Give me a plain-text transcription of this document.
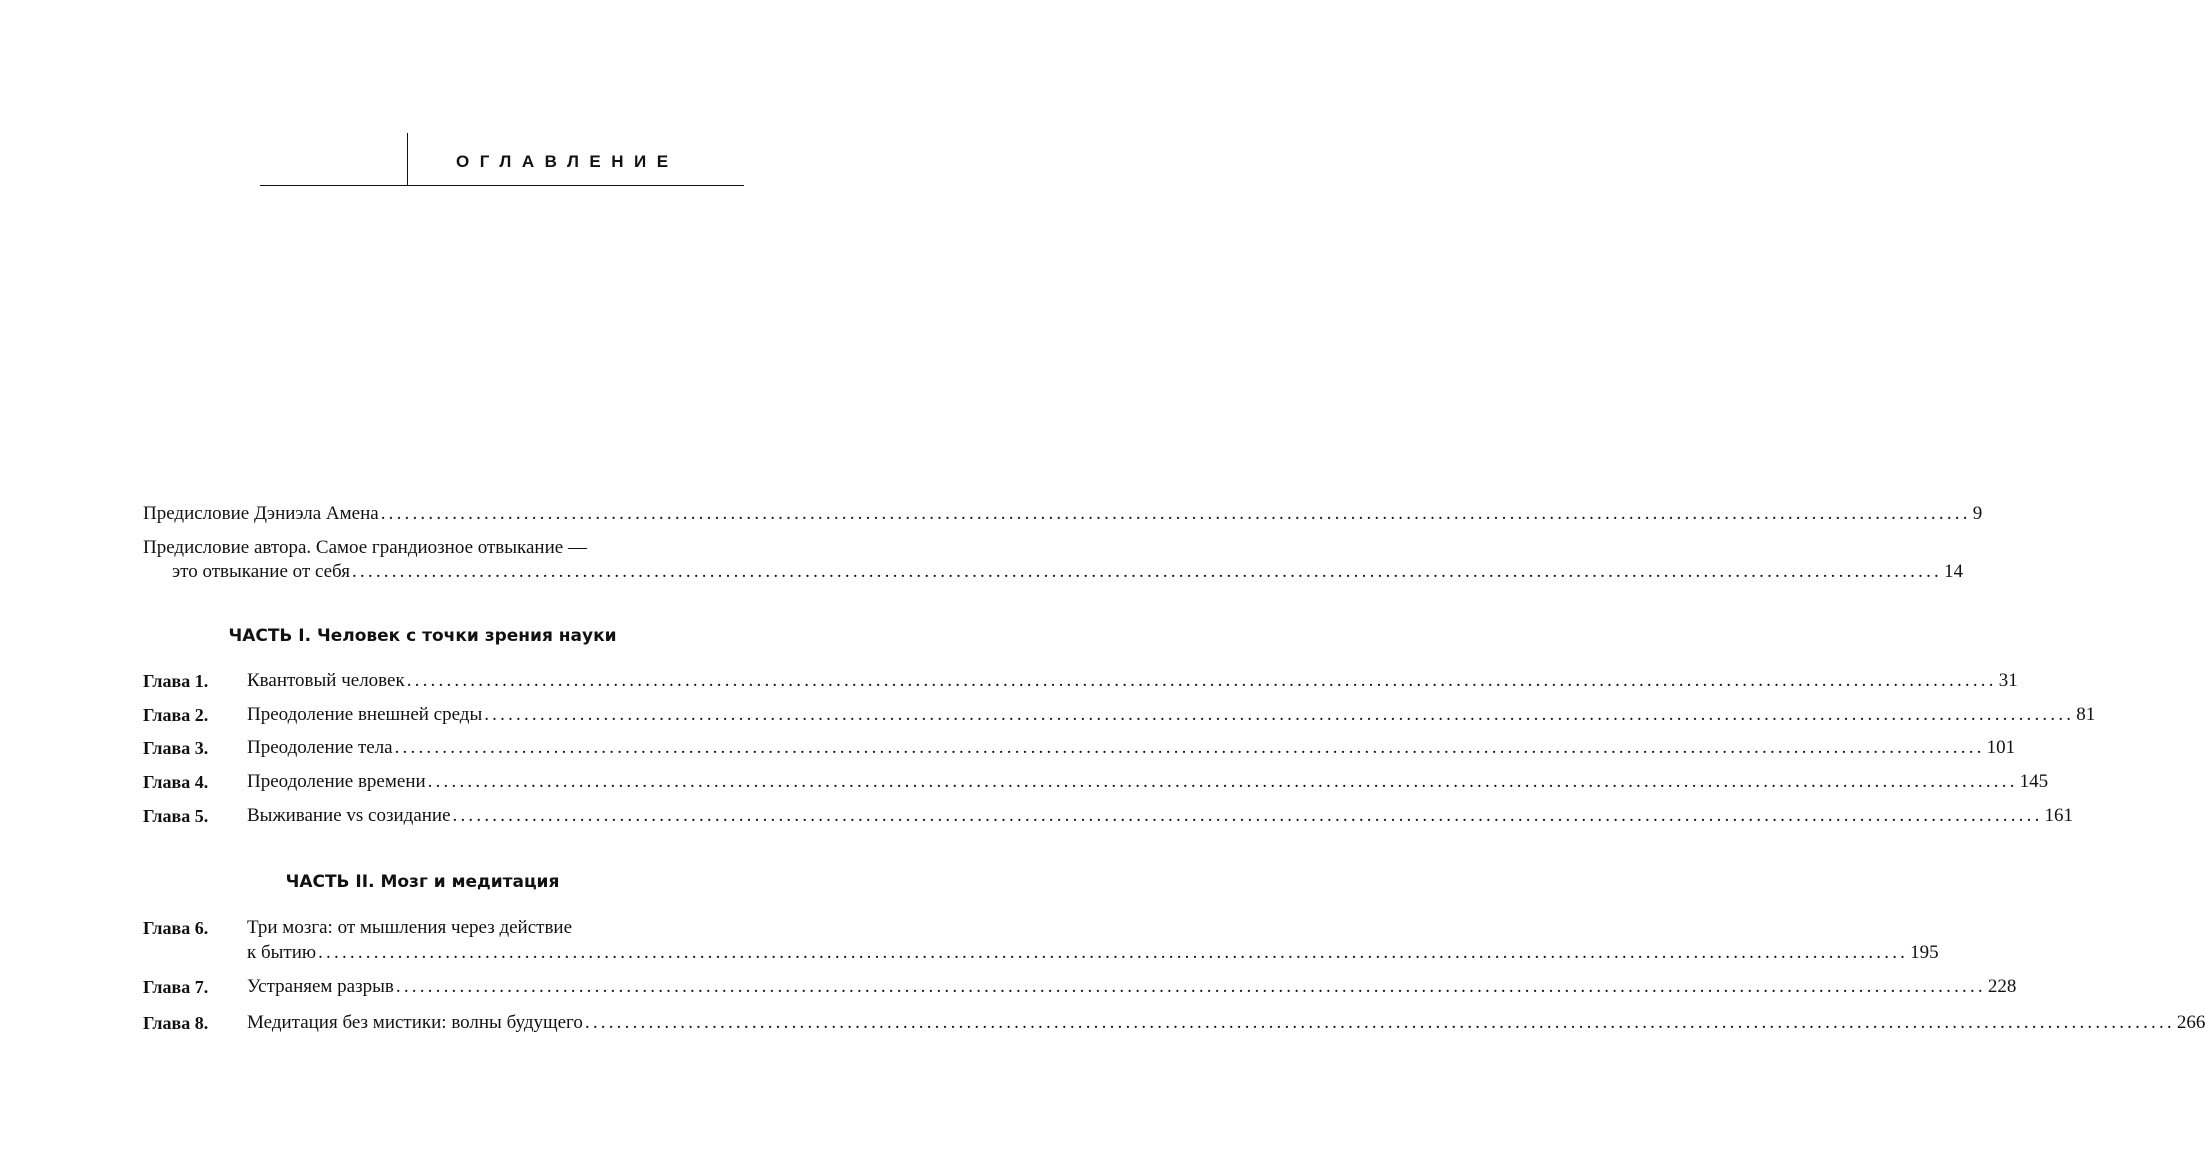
ОГЛАВЛЕНИЕ
Предисловие Дэниэла Амена ........................................................................................................................................................................................................ 9
Предисловие автора. Самое грандиозное отвыкание —
это отвыкание от себя ........................................................................................................................................................................................................ 14
ЧАСТЬ I. Человек с точки зрения науки
Глава 1. Квантовый человек ........................................................................................................................................................................................................ 31
Глава 2. Преодоление внешней среды ........................................................................................................................................................................................................ 81
Глава 3. Преодоление тела ........................................................................................................................................................................................................ 101
Глава 4. Преодоление времени ........................................................................................................................................................................................................ 145
Глава 5. Выживание vs созидание ........................................................................................................................................................................................................ 161
ЧАСТЬ II. Мозг и медитация
Глава 6. Три мозга: от мышления через действие
к бытию ........................................................................................................................................................................................................ 195
Глава 7. Устраняем разрыв ........................................................................................................................................................................................................ 228
Глава 8. Медитация без мистики: волны будущего ........................................................................................................................................................................................................ 266
